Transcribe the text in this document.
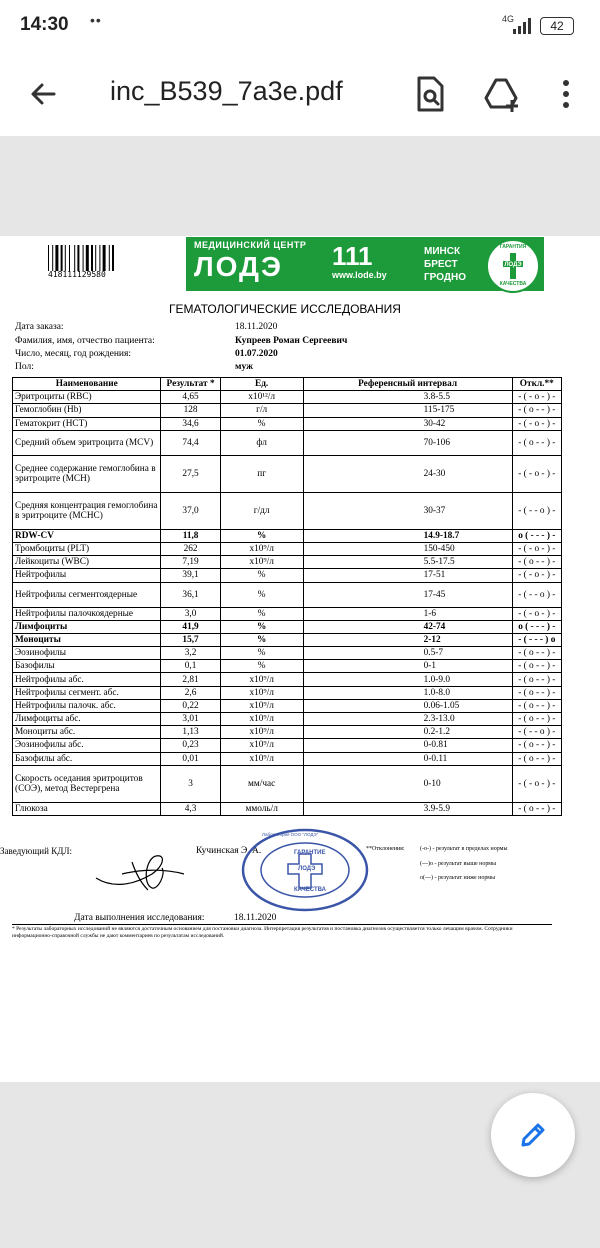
14:30 ••	4G	42
inc_B539_7a3e.pdf
418111129580
МЕДИЦИНСКИЙ ЦЕНТР
ЛОДЭ 111
www.lode.by
МИНСК
БРЕСТ
ГРОДНО
ГАРАНТИЯ
ЛОДЭ
КАЧЕСТВА
ГЕМАТОЛОГИЧЕСКИЕ ИССЛЕДОВАНИЯ
Дата заказа:	18.11.2020
Фамилия, имя, отчество пациента:	Купреев Роман Сергеевич
Число, месяц, год рождения:	01.07.2020
Пол:	муж
Наименование	Результат *	Ед.	Референсный интервал	Откл.**
Эритроциты (RBC)	4,65	x10¹²/л	3.8-5.5	- ( - о - ) -
Гемоглобин (Hb)	128	г/л	115-175	- ( о - - ) -
Гематокрит (HCT)	34,6	%	30-42	- ( - о - ) -
Средний объем эритроцита (MCV)	74,4	фл	70-106	- ( о - - ) -
Среднее содержание гемоглобина в эритроците (MCH)	27,5	пг	24-30	- ( - о - ) -
Средняя концентрация гемоглобина в эритроците (MCHC)	37,0	г/дл	30-37	- ( - - о ) -
RDW-CV	11,8	%	14.9-18.7	о ( - - - ) -
Тромбоциты (PLT)	262	x10⁹/л	150-450	- ( - о - ) -
Лейкоциты (WBC)	7,19	x10⁹/л	5.5-17.5	- ( о - - ) -
Нейтрофилы	39,1	%	17-51	- ( - о - ) -
Нейтрофилы сегментоядерные	36,1	%	17-45	- ( - - о ) -
Нейтрофилы палочкоядерные	3,0	%	1-6	- ( - о - ) -
Лимфоциты	41,9	%	42-74	о ( - - - ) -
Моноциты	15,7	%	2-12	- ( - - - ) о
Эозинофилы	3,2	%	0.5-7	- ( о - - ) -
Базофилы	0,1	%	0-1	- ( о - - ) -
Нейтрофилы абс.	2,81	x10⁹/л	1.0-9.0	- ( о - - ) -
Нейтрофилы сегмент. абс.	2,6	x10⁹/л	1.0-8.0	- ( о - - ) -
Нейтрофилы палочк. абс.	0,22	x10⁹/л	0.06-1.05	- ( о - - ) -
Лимфоциты абс.	3,01	x10⁹/л	2.3-13.0	- ( о - - ) -
Моноциты абс.	1,13	x10⁹/л	0.2-1.2	- ( - - о ) -
Эозинофилы абс.	0,23	x10⁹/л	0-0.81	- ( о - - ) -
Базофилы абс.	0,01	x10⁹/л	0-0.11	- ( о - - ) -
Скорость оседания эритроцитов (СОЭ), метод Вестергрена	3	мм/час	0-10	- ( - о - ) -
Глюкоза	4,3	ммоль/л	3.9-5.9	- ( о - - ) -
Заведующий КДЛ:	Кучинская Э. А.	ГАРАНТИЕ
ЛОДЭ
КАЧЕСТВА
Лаборатория ООО "ЛОДЭ"
**Отклонения:	(-о-) - результат в пределах нормы
(---)о - результат выше нормы
о(---) - результат ниже нормы
Дата выполнения исследования:	18.11.2020
* Результаты лабораторных исследований не являются достаточным основанием для постановки диагноза. Интерпретация результатов и постановка диагнозов осуществляется только лечащим врачом. Сотрудники информационно-справочной службы не дают комментариев по результатам исследований.
